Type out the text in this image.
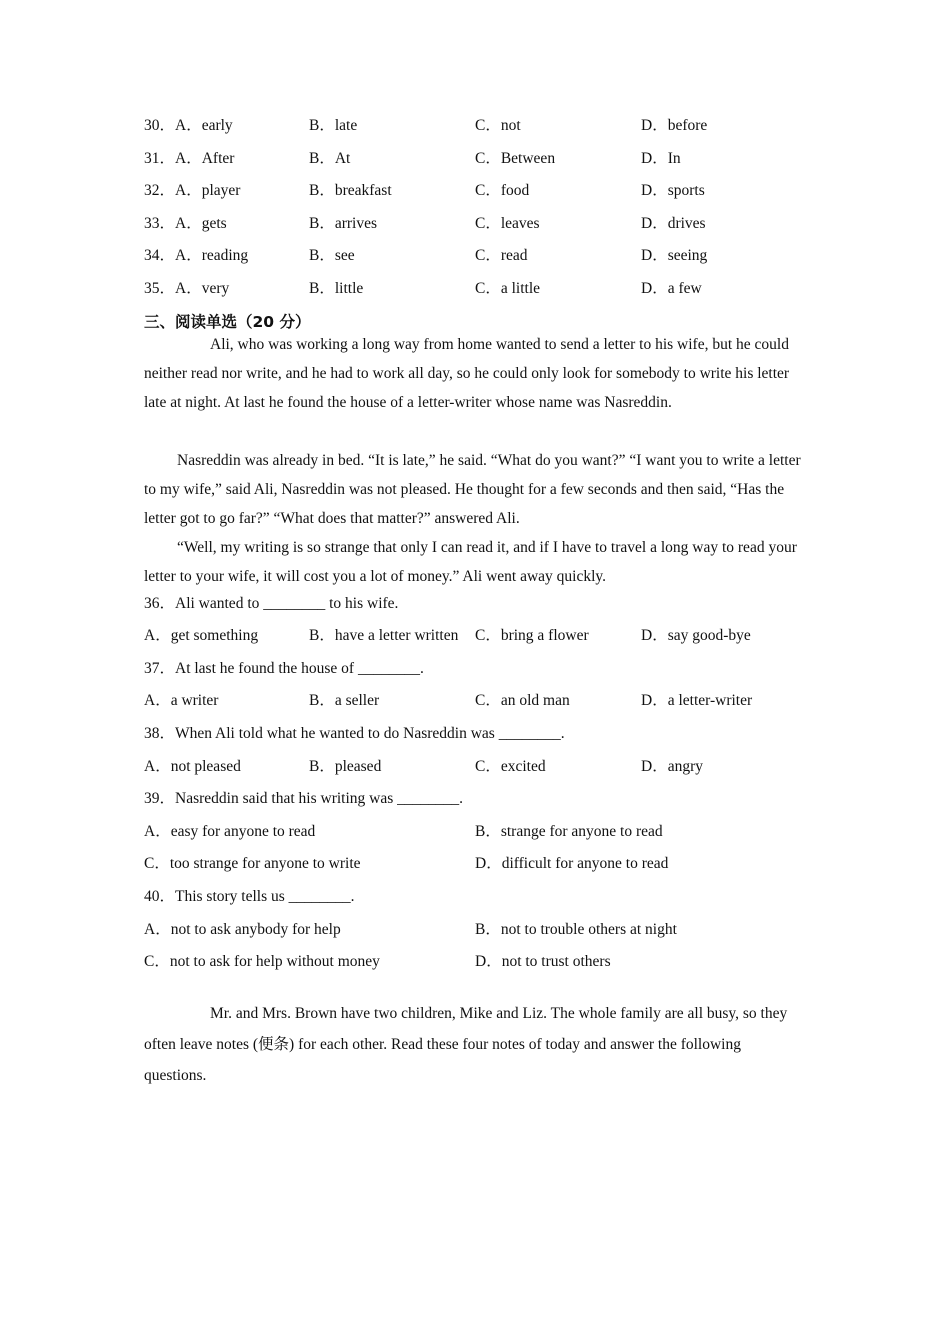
30．A．early	B．late	C．not	D．before
31．A．After	B．At	C．Between	D．In
32．A．player	B．breakfast	C．food	D．sports
33．A．gets	B．arrives	C．leaves	D．drives
34．A．reading	B．see	C．read	D．seeing
35．A．very	B．little	C．a little	D．a few
三、阅读单选（20 分）

Ali, who was working a long way from home wanted to send a letter to his wife, but he could neither read nor write, and he had to work all day, so he could only look for somebody to write his letter late at night. At last he found the house of a letter-writer whose name was Nasreddin.

Nasreddin was already in bed. “It is late,” he said. “What do you want?” “I want you to write a letter to my wife,” said Ali, Nasreddin was not pleased. He thought for a few seconds and then said, “Has the letter got to go far?” “What does that matter?” answered Ali.

“Well, my writing is so strange that only I can read it, and if I have to travel a long way to read your letter to your wife, it will cost you a lot of money.” Ali went away quickly.

36．Ali wanted to ________ to his wife.
A．get something	B．have a letter written C．bring a flower	D．say good-bye
37．At last he found the house of ________.
A．a writer	B．a seller	C．an old man	D．a letter-writer
38．When Ali told what he wanted to do Nasreddin was ________.
A．not pleased	B．pleased	C．excited	D．angry
39．Nasreddin said that his writing was ________.
A．easy for anyone to read	B．strange for anyone to read
C．too strange for anyone to write	D．difficult for anyone to read
40．This story tells us ________.
A．not to ask anybody for help	B．not to trouble others at night
C．not to ask for help without money	D．not to trust others

Mr. and Mrs. Brown have two children, Mike and Liz. The whole family are all busy, so they often leave notes (便条) for each other. Read these four notes of today and answer the following questions.
